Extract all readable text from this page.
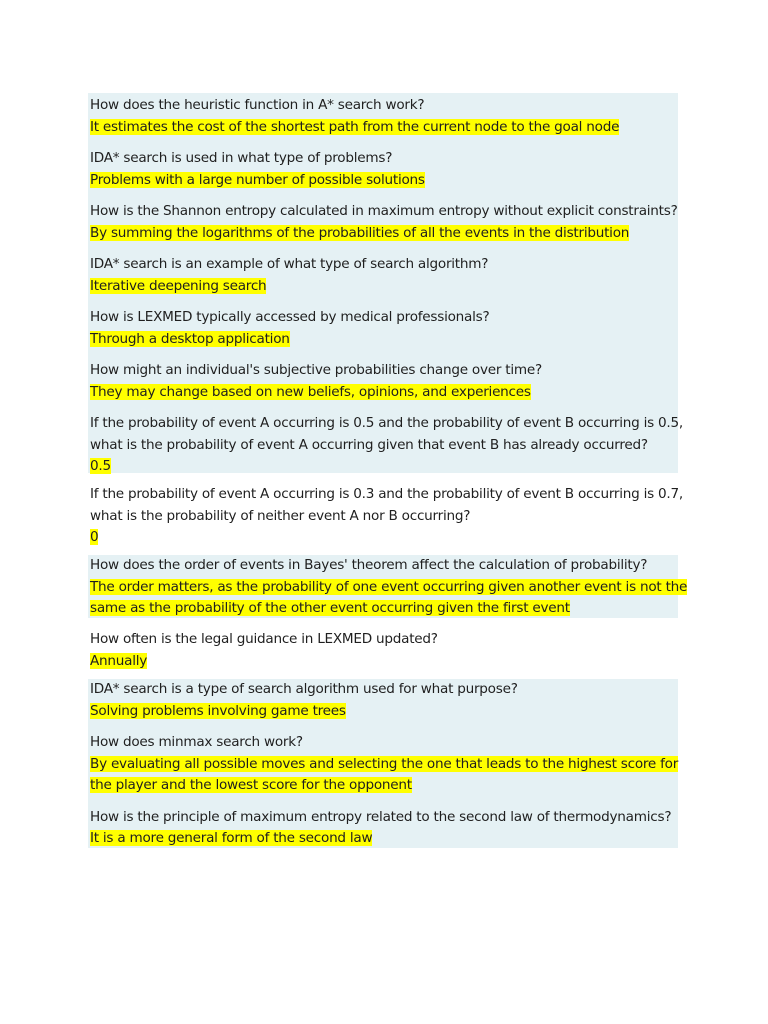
How does the heuristic function in A* search work?

It estimates the cost of the shortest path from the current node to the goal node

IDA* search is used in what type of problems?

Problems with a large number of possible solutions

How is the Shannon entropy calculated in maximum entropy without explicit constraints?

By summing the logarithms of the probabilities of all the events in the distribution

IDA* search is an example of what type of search algorithm?

Iterative deepening search

How is LEXMED typically accessed by medical professionals?

Through a desktop application

How might an individual's subjective probabilities change over time?

They may change based on new beliefs, opinions, and experiences

If the probability of event A occurring is 0.5 and the probability of event B occurring is 0.5,

what is the probability of event A occurring given that event B has already occurred?

0.5

If the probability of event A occurring is 0.3 and the probability of event B occurring is 0.7,

what is the probability of neither event A nor B occurring?

0

How does the order of events in Bayes' theorem affect the calculation of probability?

The order matters, as the probability of one event occurring given another event is not the

same as the probability of the other event occurring given the first event

How often is the legal guidance in LEXMED updated?

Annually

IDA* search is a type of search algorithm used for what purpose?

Solving problems involving game trees

How does minmax search work?

By evaluating all possible moves and selecting the one that leads to the highest score for

the player and the lowest score for the opponent

How is the principle of maximum entropy related to the second law of thermodynamics?

It is a more general form of the second law
